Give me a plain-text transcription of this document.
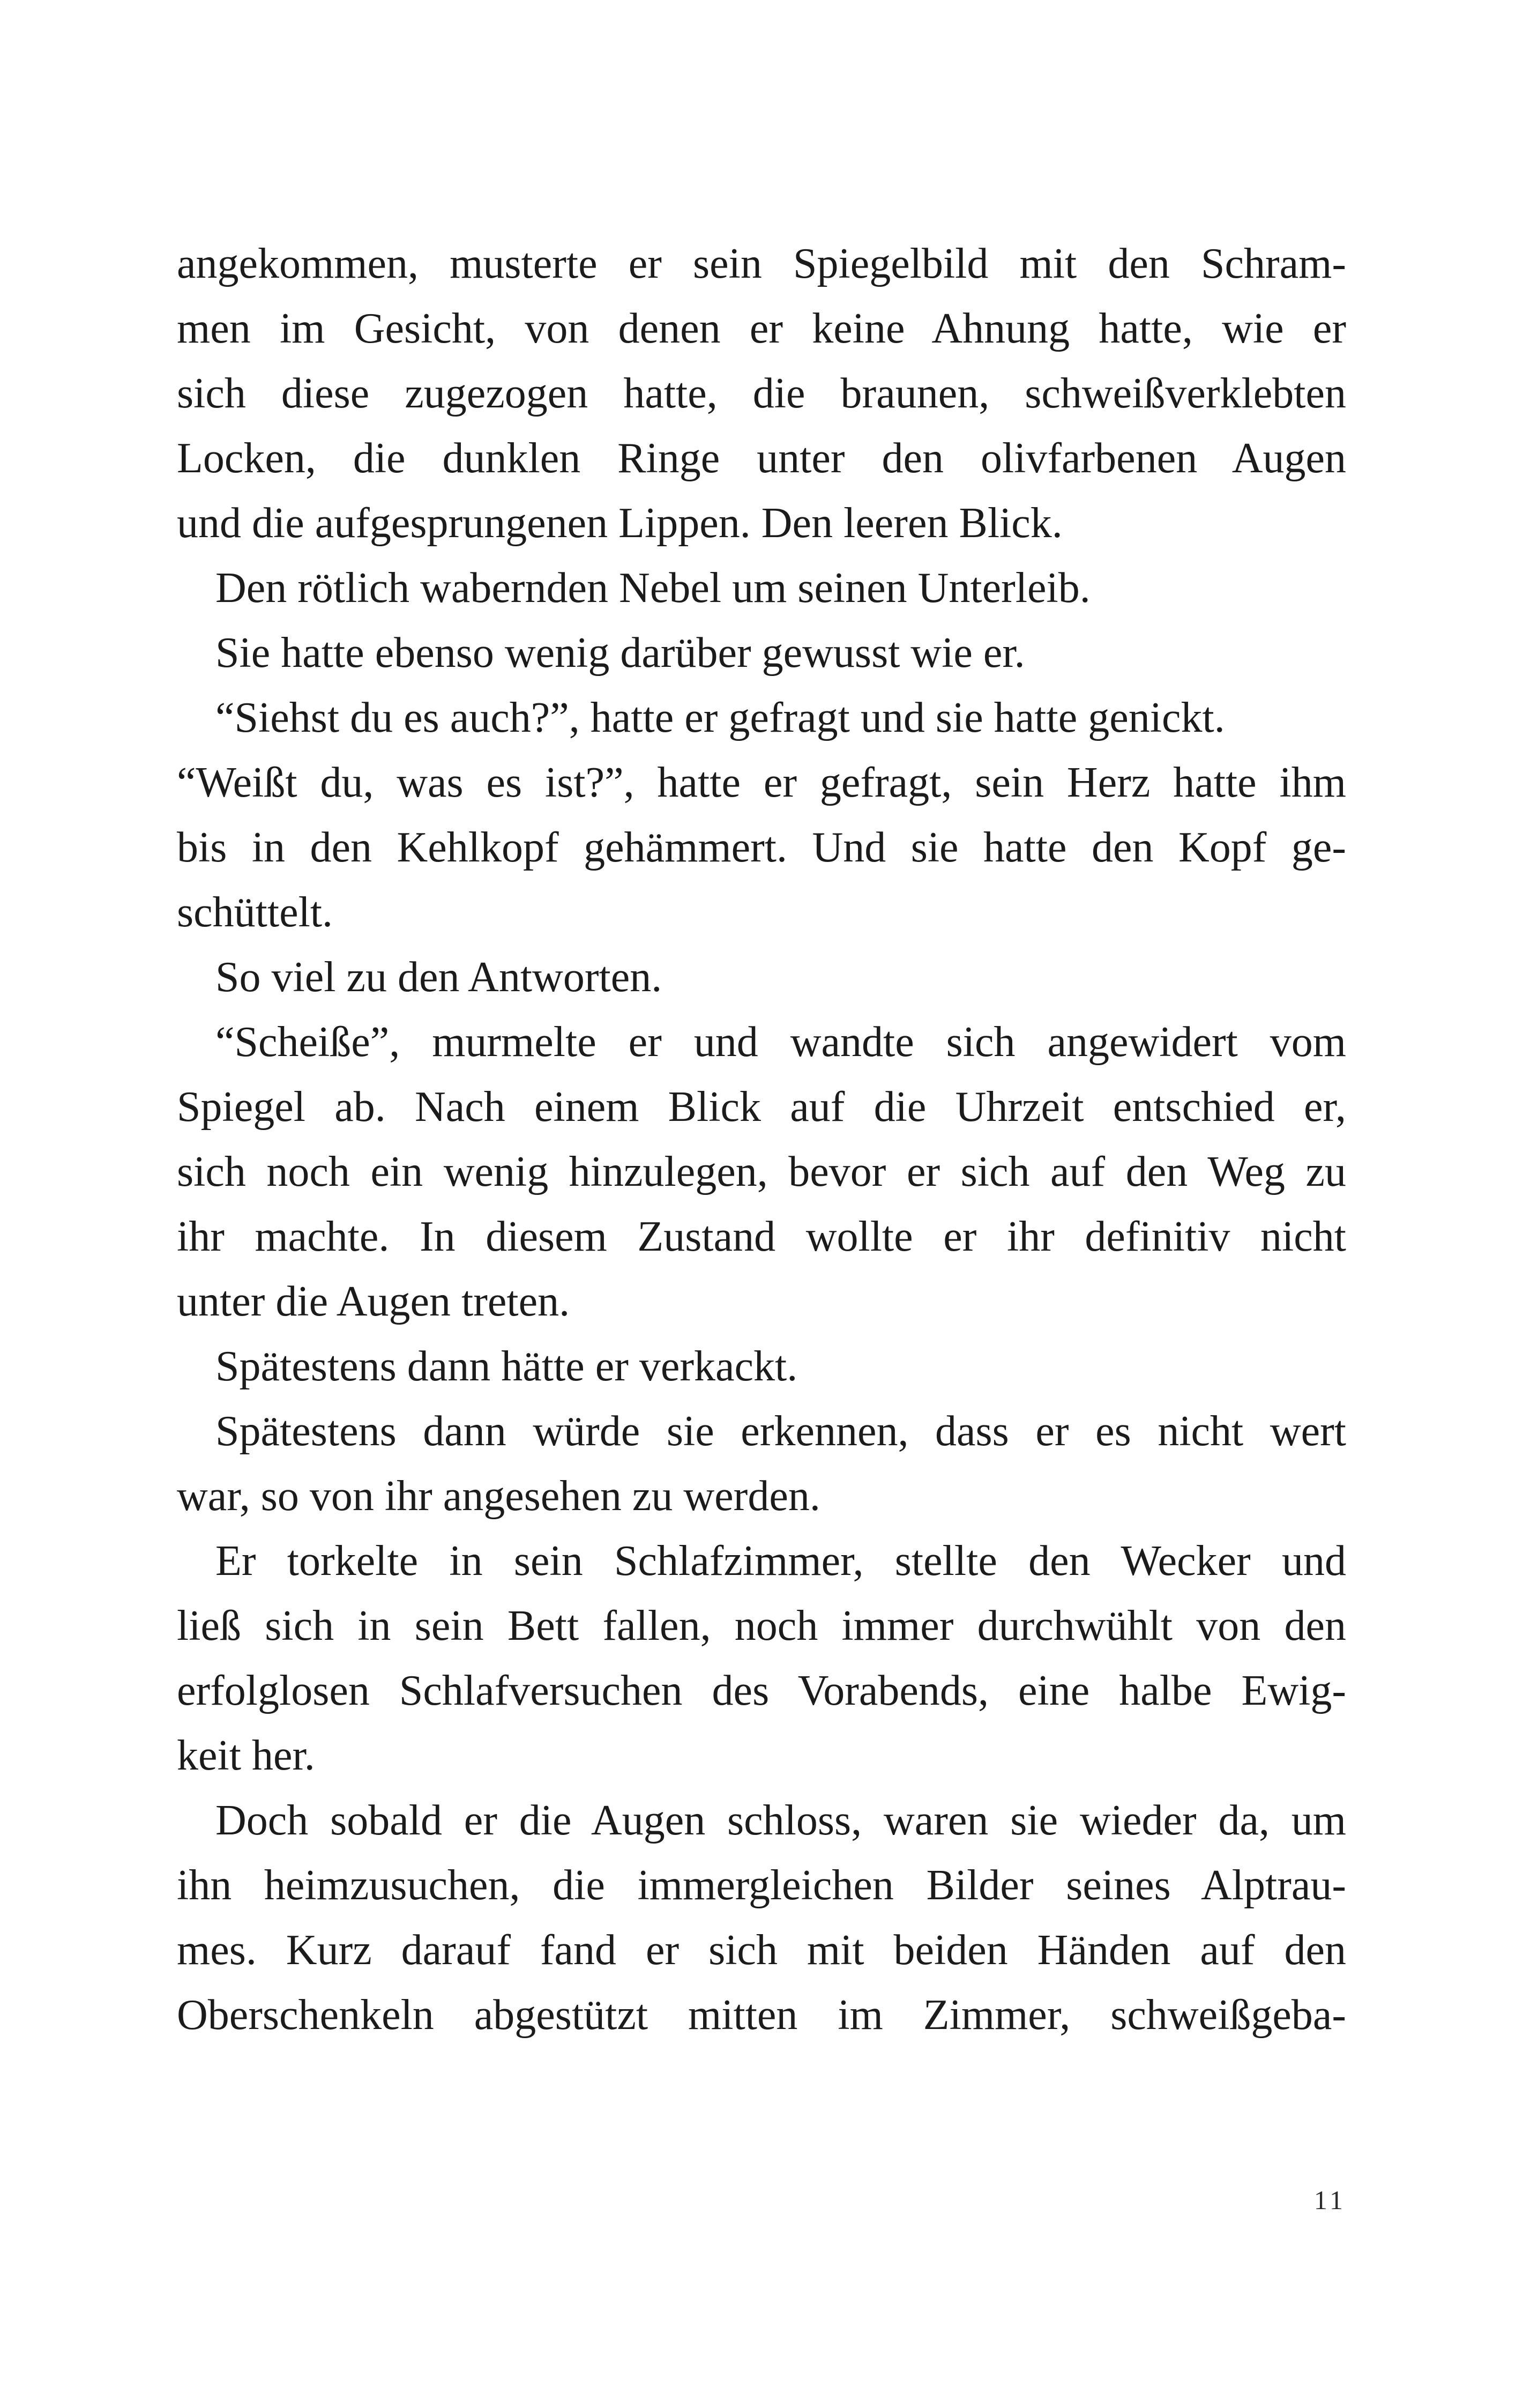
angekommen, musterte er sein Spiegelbild mit den Schram-
men im Gesicht, von denen er keine Ahnung hatte, wie er
sich diese zugezogen hatte, die braunen, schweißverklebten
Locken, die dunklen Ringe unter den olivfarbenen Augen
und die aufgesprungenen Lippen. Den leeren Blick.
Den rötlich wabernden Nebel um seinen Unterleib.
Sie hatte ebenso wenig darüber gewusst wie er.
“Siehst du es auch?”, hatte er gefragt und sie hatte genickt.
“Weißt du, was es ist?”, hatte er gefragt, sein Herz hatte ihm
bis in den Kehlkopf gehämmert. Und sie hatte den Kopf ge-
schüttelt.
So viel zu den Antworten.
“Scheiße”, murmelte er und wandte sich angewidert vom
Spiegel ab. Nach einem Blick auf die Uhrzeit entschied er,
sich noch ein wenig hinzulegen, bevor er sich auf den Weg zu
ihr machte. In diesem Zustand wollte er ihr definitiv nicht
unter die Augen treten.
Spätestens dann hätte er verkackt.
Spätestens dann würde sie erkennen, dass er es nicht wert
war, so von ihr angesehen zu werden.
Er torkelte in sein Schlafzimmer, stellte den Wecker und
ließ sich in sein Bett fallen, noch immer durchwühlt von den
erfolglosen Schlafversuchen des Vorabends, eine halbe Ewig-
keit her.
Doch sobald er die Augen schloss, waren sie wieder da, um
ihn heimzusuchen, die immergleichen Bilder seines Alptrau-
mes. Kurz darauf fand er sich mit beiden Händen auf den
Oberschenkeln abgestützt mitten im Zimmer, schweißgeba-
11
